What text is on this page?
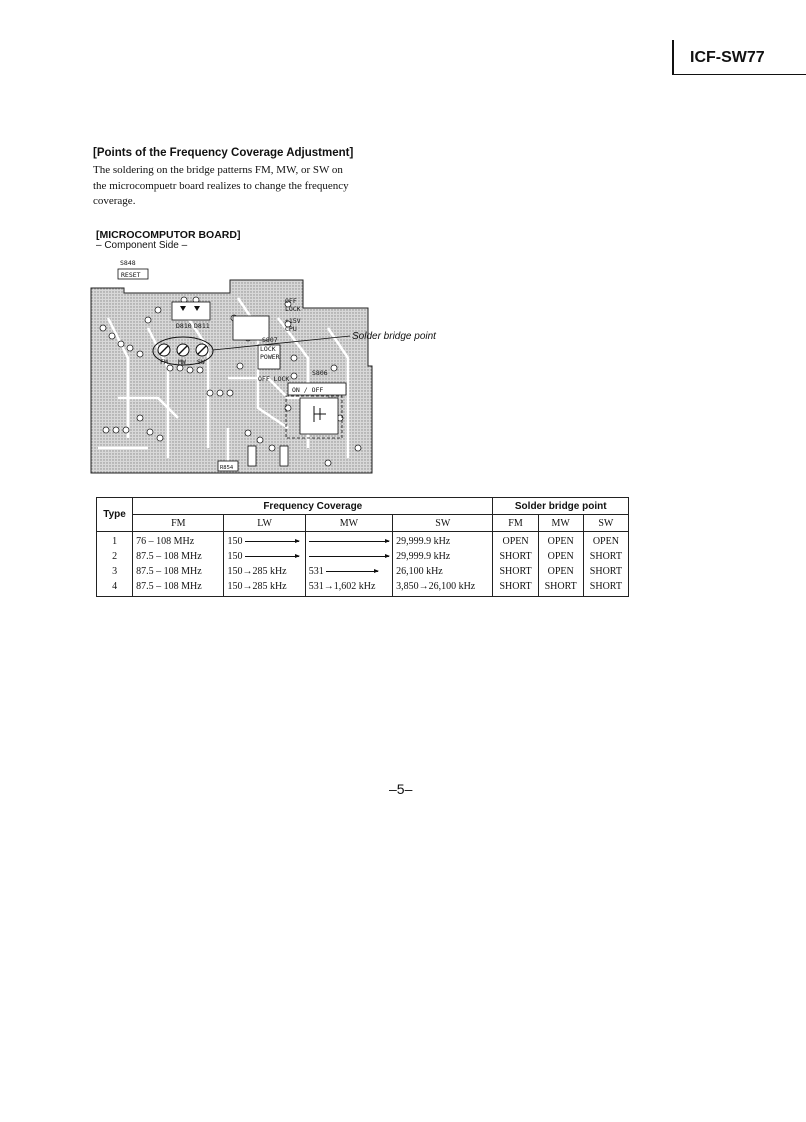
ICF-SW77
[Points of the Frequency Coverage Adjustment]
The soldering on the bridge patterns FM, MW, or SW on
the microcompuetr board realizes to change the frequency
coverage.
[MICROCOMPUTOR BOARD]
– Component Side –
S848
RESET
D810 D811
FM MW SW
OFF
LOCK
+15V
CPU
S807
LOCK
POWER
S806
OFF LOCK
ON / OFF
R854
Solder bridge point
Type	Frequency Coverage				Solder bridge point		
	FM	LW	MW	SW	FM	MW	SW
1	76 – 108 MHz	150		29,999.9 kHz	OPEN	OPEN	OPEN
2	87.5 – 108 MHz	150		29,999.9 kHz	SHORT	OPEN	SHORT
3	87.5 – 108 MHz	150→285 kHz	531	26,100 kHz	SHORT	OPEN	SHORT
4	87.5 – 108 MHz	150→285 kHz	531→1,602 kHz	3,850→26,100 kHz	SHORT	SHORT	SHORT
–5–
